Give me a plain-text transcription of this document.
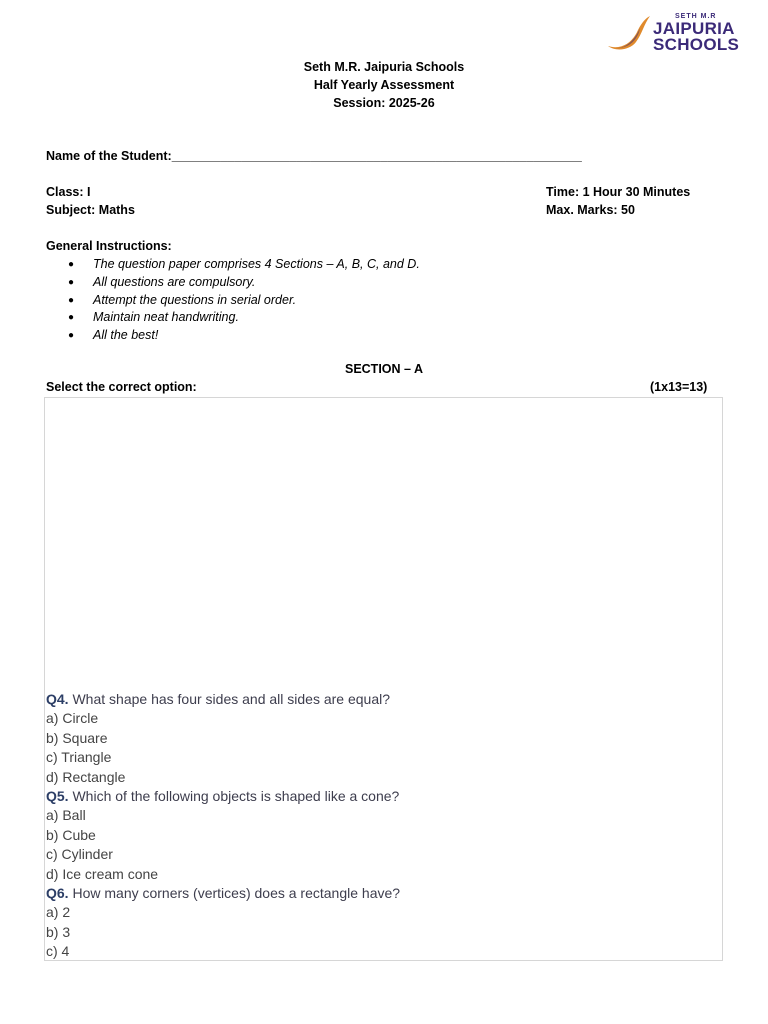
SETH M.R
JAIPURIA
SCHOOLS
Seth M.R. Jaipuria Schools
Half Yearly Assessment
Session: 2025-26
Name of the Student:___________________________________________________________
Class: I
Subject: Maths
Time: 1 Hour 30 Minutes
Max. Marks: 50
General Instructions:
● The question paper comprises 4 Sections – A, B, C, and D.
● All questions are compulsory.
● Attempt the questions in serial order.
● Maintain neat handwriting.
● All the best!
SECTION – A
Select the correct option:	(1x13=13)
Q4. What shape has four sides and all sides are equal?
a) Circle
b) Square
c) Triangle
d) Rectangle
Q5. Which of the following objects is shaped like a cone?
a) Ball
b) Cube
c) Cylinder
d) Ice cream cone
Q6. How many corners (vertices) does a rectangle have?
a) 2
b) 3
c) 4
